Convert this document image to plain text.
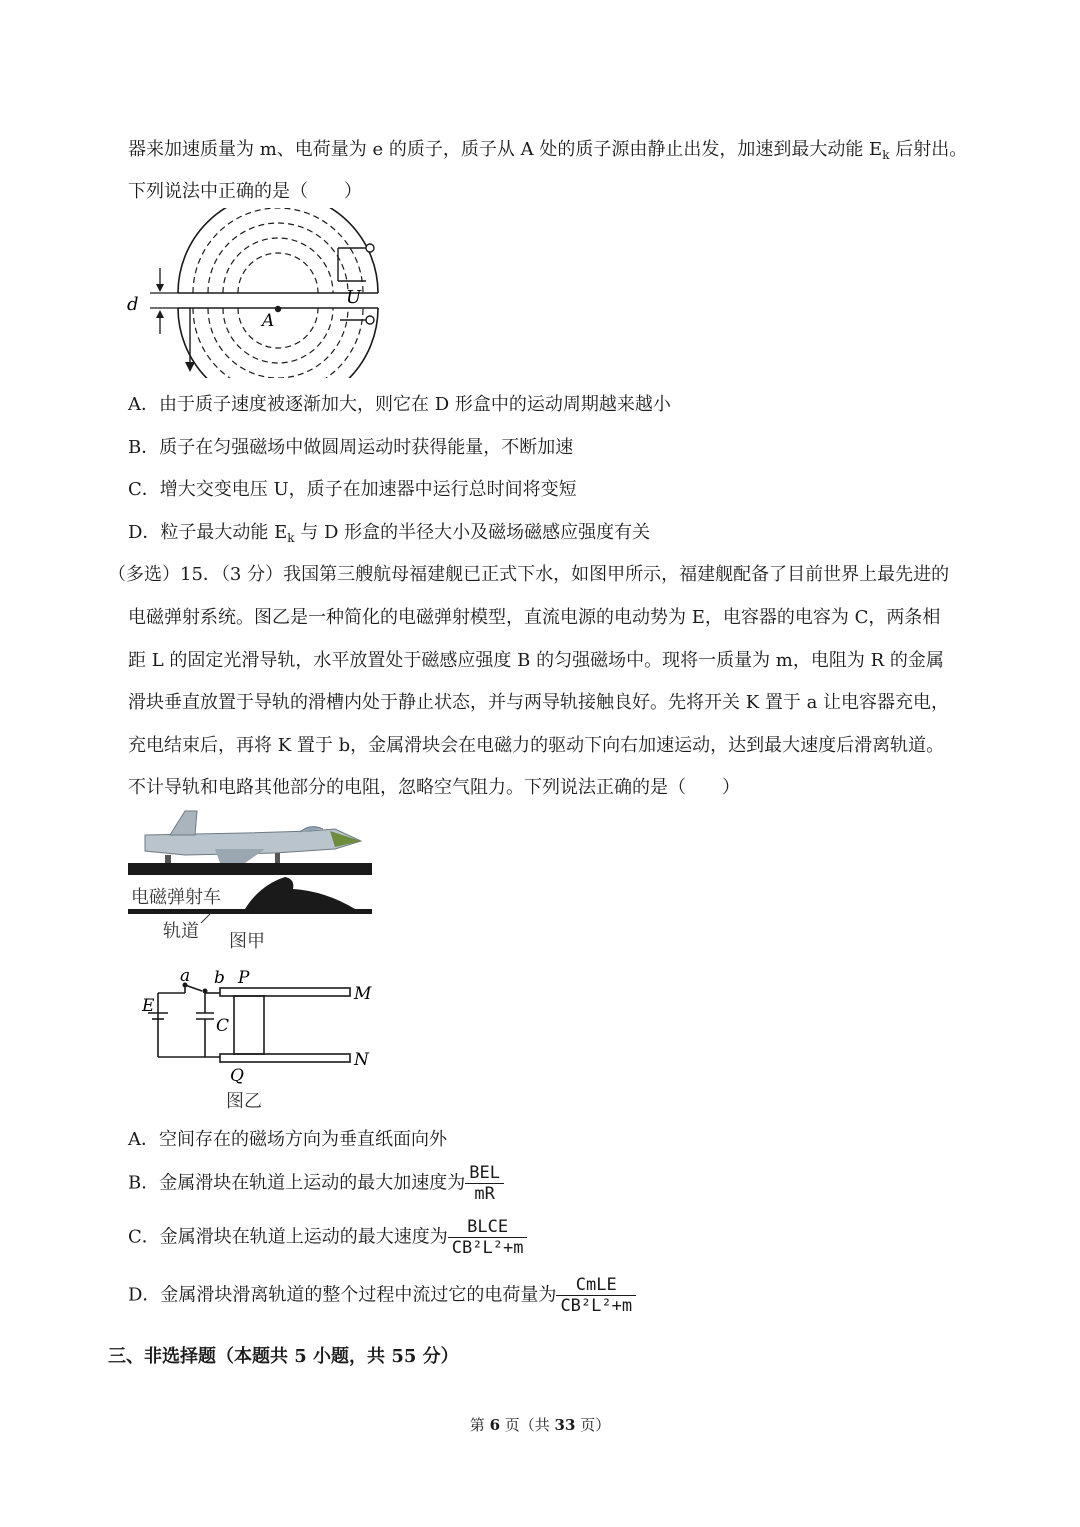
器来加速质量为 m、电荷量为 e 的质子，质子从 A 处的质子源由静止出发，加速到最大动能 $E_k$ 后射出。
下列说法中正确的是（　　）
d	U
A
A．由于质子速度被逐渐加大，则它在 D 形盒中的运动周期越来越小
B．质子在匀强磁场中做圆周运动时获得能量，不断加速
C．增大交变电压 U，质子在加速器中运行总时间将变短
D．粒子最大动能 $E_k$ 与 D 形盒的半径大小及磁场磁感应强度有关
（多选）15．（3 分）我国第三艘航母福建舰已正式下水，如图甲所示，福建舰配备了目前世界上最先进的
电磁弹射系统。图乙是一种简化的电磁弹射模型，直流电源的电动势为 E，电容器的电容为 C，两条相
距 L 的固定光滑导轨，水平放置处于磁感应强度 B 的匀强磁场中。现将一质量为 m，电阻为 R 的金属
滑块垂直放置于导轨的滑槽内处于静止状态，并与两导轨接触良好。先将开关 K 置于 a 让电容器充电，
充电结束后，再将 K 置于 b，金属滑块会在电磁力的驱动下向右加速运动，达到最大速度后滑离轨道。
不计导轨和电路其他部分的电阻，忽略空气阻力。下列说法正确的是（　　）
电磁弹射车
轨道 图甲
a b P
M
E
C
Q
N
图乙
A．空间存在的磁场方向为垂直纸面向外
B．金属滑块在轨道上运动的最大加速度为 $\frac{\text{BEL}}{mR}$
C．金属滑块在轨道上运动的最大速度为 $\frac{\text{BLCE}}{\text{CB²L²+m}}$
D．金属滑块滑离轨道的整个过程中流过它的电荷量为 $\frac{\text{CmLE}}{\text{CB²L²+m}}$
三、非选择题（本题共 5 小题，共 55 分）
第 6 页（共 33 页）
